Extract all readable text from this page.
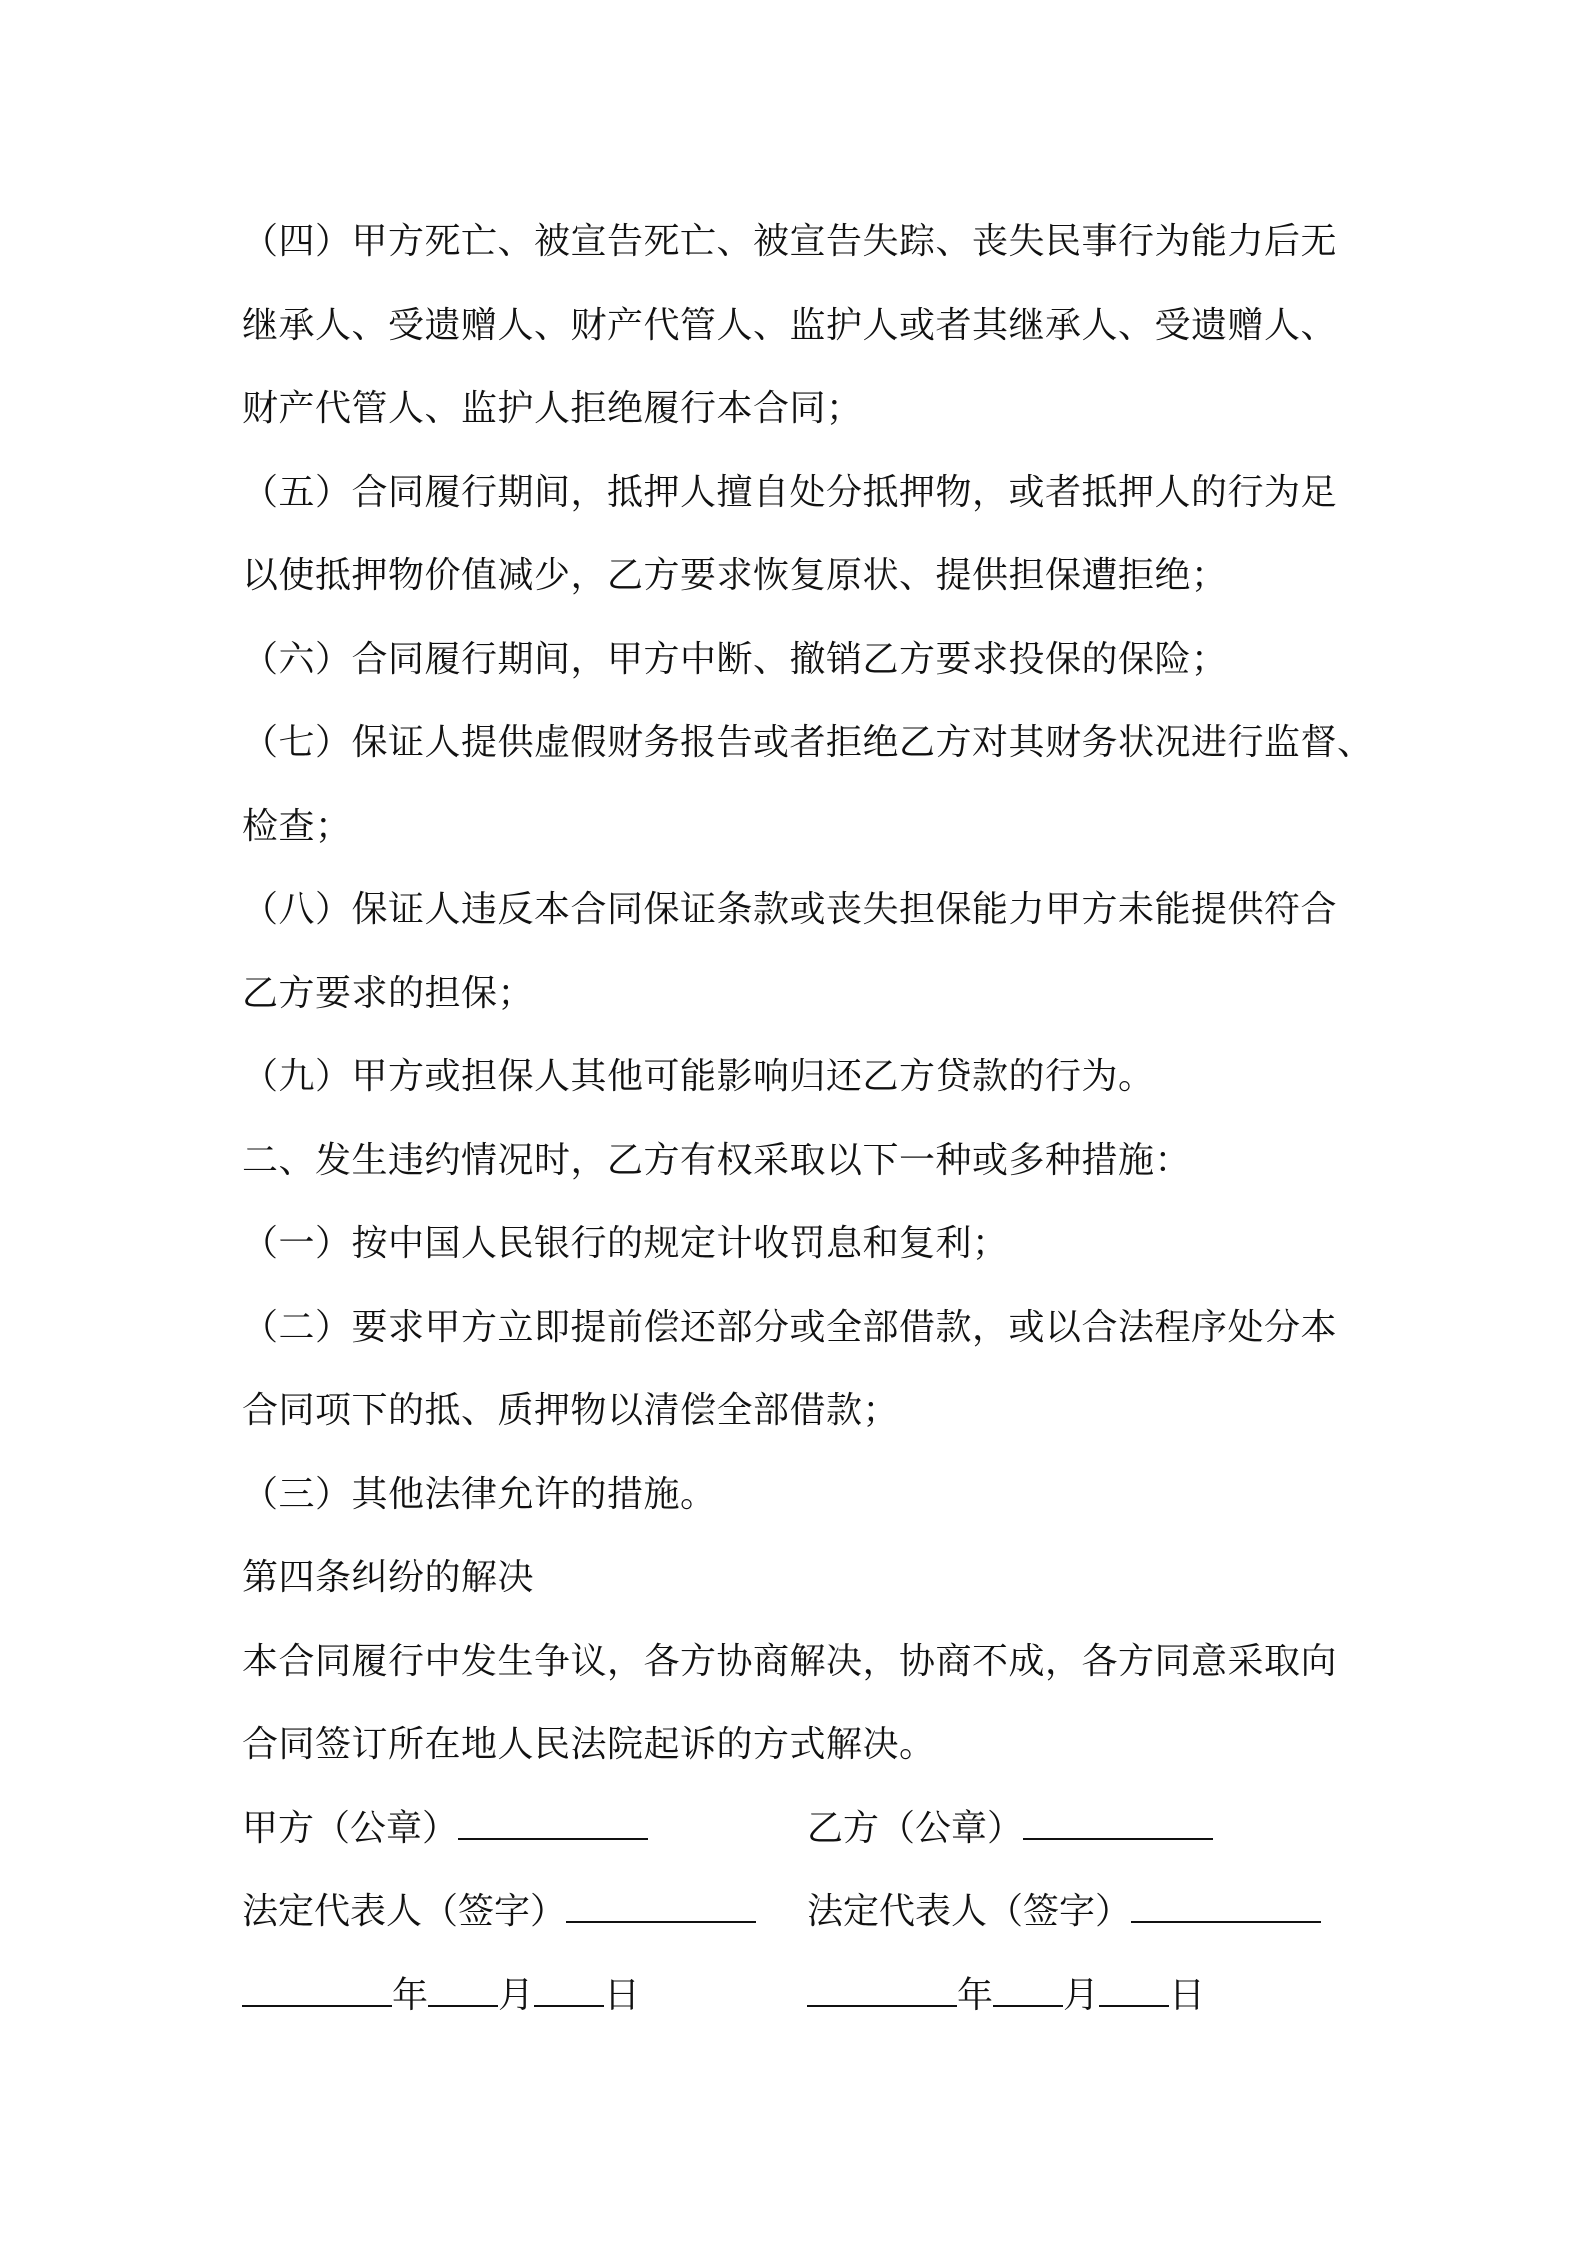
（四）甲方死亡、被宣告死亡、被宣告失踪、丧失民事行为能力后无
继承人、受遗赠人、财产代管人、监护人或者其继承人、受遗赠人、
财产代管人、监护人拒绝履行本合同；
（五）合同履行期间，抵押人擅自处分抵押物，或者抵押人的行为足
以使抵押物价值减少，乙方要求恢复原状、提供担保遭拒绝；
（六）合同履行期间，甲方中断、撤销乙方要求投保的保险；
（七）保证人提供虚假财务报告或者拒绝乙方对其财务状况进行监督、
检查；
（八）保证人违反本合同保证条款或丧失担保能力甲方未能提供符合
乙方要求的担保；
（九）甲方或担保人其他可能影响归还乙方贷款的行为。
二、发生违约情况时，乙方有权采取以下一种或多种措施：
（一）按中国人民银行的规定计收罚息和复利；
（二）要求甲方立即提前偿还部分或全部借款，或以合法程序处分本
合同项下的抵、质押物以清偿全部借款；
（三）其他法律允许的措施。
第四条纠纷的解决
本合同履行中发生争议，各方协商解决，协商不成，各方同意采取向
合同签订所在地人民法院起诉的方式解决。
甲方（公章）	乙方（公章）
法定代表人（签字）	法定代表人（签字）
年 月 日	年 月 日
